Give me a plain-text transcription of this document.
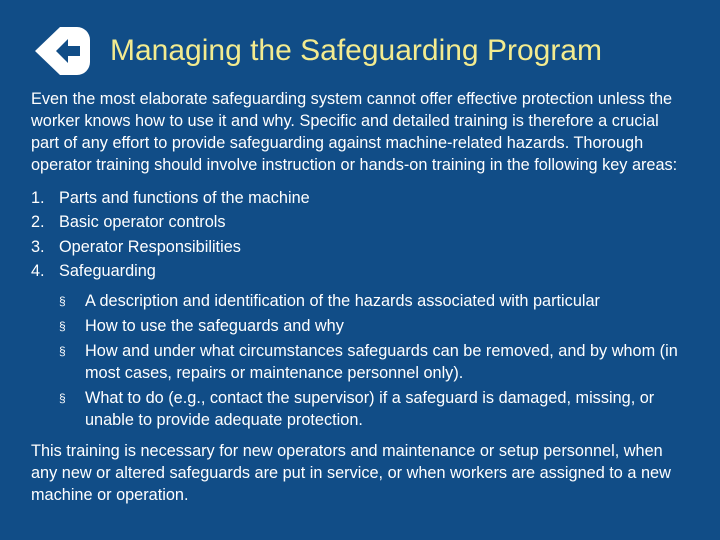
Managing the Safeguarding Program

Even the most elaborate safeguarding system cannot offer effective protection unless the worker knows how to use it and why. Specific and detailed training is therefore a crucial part of any effort to provide safeguarding against machine-related hazards. Thorough operator training should involve instruction or hands-on training in the following key areas:

1. Parts and functions of the machine
2. Basic operator controls
3. Operator Responsibilities
4. Safeguarding
§ A description and identification of the hazards associated with particular
§ How to use the safeguards and why
§ How and under what circumstances safeguards can be removed, and by whom (in most cases, repairs or maintenance personnel only).
§ What to do (e.g., contact the supervisor) if a safeguard is damaged, missing, or unable to provide adequate protection.

This training is necessary for new operators and maintenance or setup personnel, when any new or altered safeguards are put in service, or when workers are assigned to a new machine or operation.
